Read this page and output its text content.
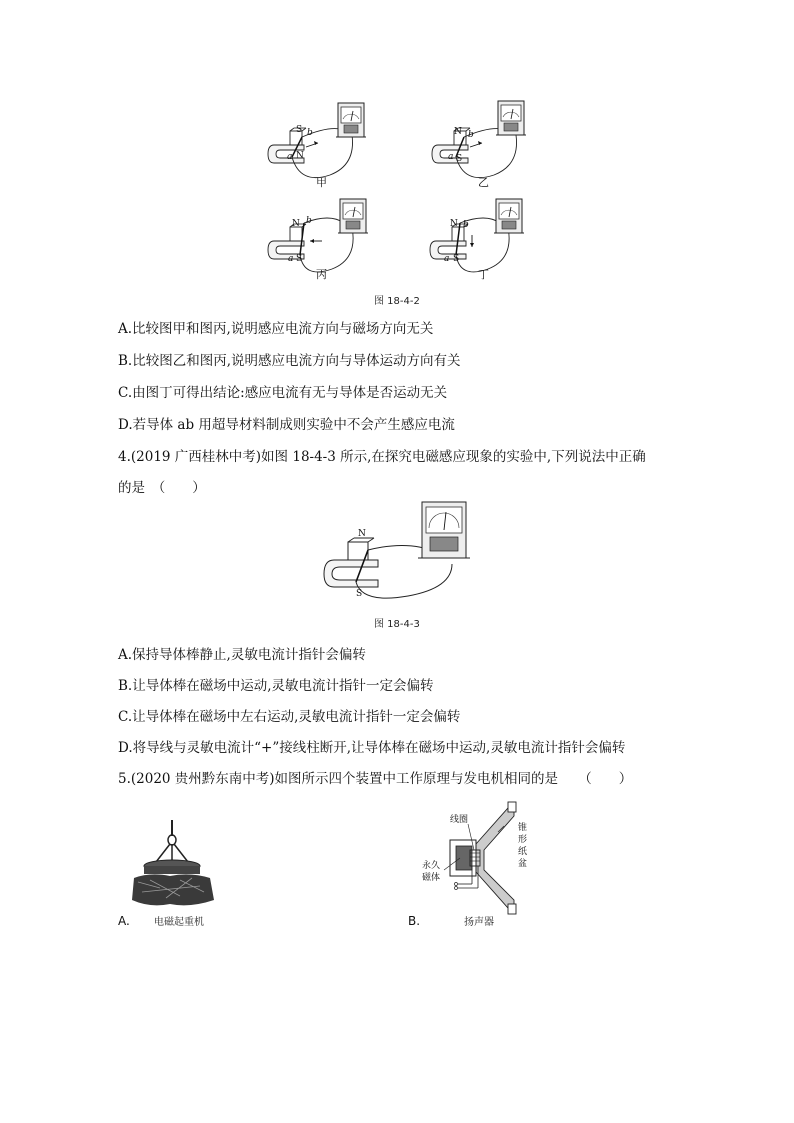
S
N
b
a
N
S
b
a
N
S
b
a
N
S
b
a
甲	乙
丙	丁
图 18-4-2
A.比较图甲和图丙,说明感应电流方向与磁场方向无关
B.比较图乙和图丙,说明感应电流方向与导体运动方向有关
C.由图丁可得出结论:感应电流有无与导体是否运动无关
D.若导体 ab 用超导材料制成则实验中不会产生感应电流
4.(2019 广西桂林中考)如图 18-4-3 所示,在探究电磁感应现象的实验中,下列说法中正确
的是　（　　）
N
S
图 18-4-3
A.保持导体棒静止,灵敏电流计指针会偏转
B.让导体棒在磁场中运动,灵敏电流计指针一定会偏转
C.让导体棒在磁场中左右运动,灵敏电流计指针一定会偏转
D.将导线与灵敏电流计“+”接线柱断开,让导体棒在磁场中运动,灵敏电流计指针会偏转
5.(2020 贵州黔东南中考)如图所示四个装置中工作原理与发电机相同的是　　（　　）
A. 电磁起重机
线圈
锥
形
纸
盆
永久
磁体
B.	扬声器
